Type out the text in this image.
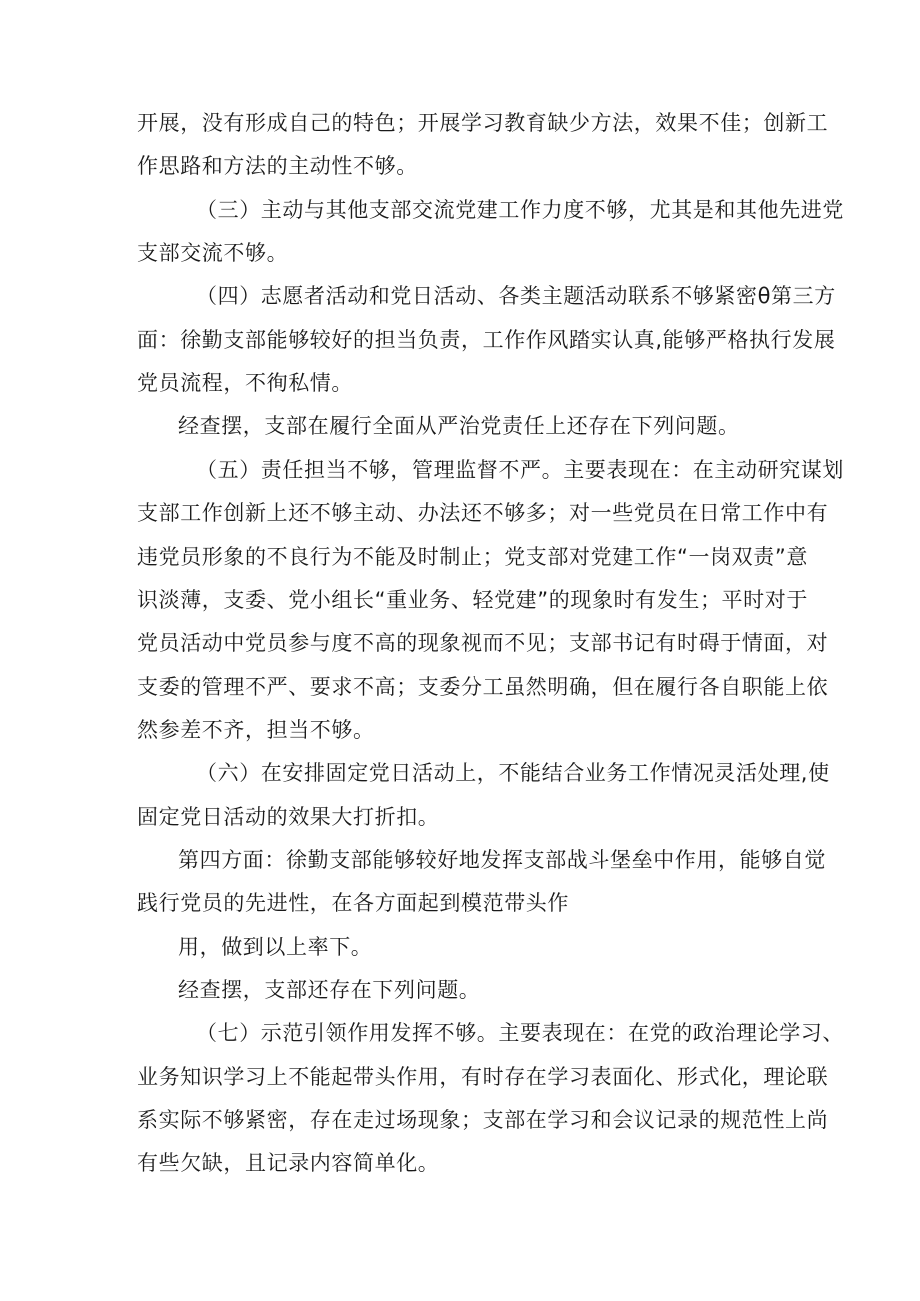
开展，没有形成自己的特色；开展学习教育缺少方法，效果不佳；创新工
作思路和方法的主动性不够。
（三）主动与其他支部交流党建工作力度不够，尤其是和其他先进党
支部交流不够。
（四）志愿者活动和党日活动、各类主题活动联系不够紧密θ第三方
面：徐勤支部能够较好的担当负责，工作作风踏实认真,能够严格执行发展
党员流程，不徇私情。
经查摆，支部在履行全面从严治党责任上还存在下列问题。
（五）责任担当不够，管理监督不严。主要表现在：在主动研究谋划
支部工作创新上还不够主动、办法还不够多；对一些党员在日常工作中有
违党员形象的不良行为不能及时制止；党支部对党建工作“一岗双责”意
识淡薄，支委、党小组长“重业务、轻党建”的现象时有发生；平时对于
党员活动中党员参与度不高的现象视而不见；支部书记有时碍于情面，对
支委的管理不严、要求不高；支委分工虽然明确，但在履行各自职能上依
然参差不齐，担当不够。
（六）在安排固定党日活动上，不能结合业务工作情况灵活处理,使
固定党日活动的效果大打折扣。
第四方面：徐勤支部能够较好地发挥支部战斗堡垒中作用，能够自觉
践行党员的先进性，在各方面起到模范带头作
用，做到以上率下。
经查摆，支部还存在下列问题。
（七）示范引领作用发挥不够。主要表现在：在党的政治理论学习、
业务知识学习上不能起带头作用，有时存在学习表面化、形式化，理论联
系实际不够紧密，存在走过场现象；支部在学习和会议记录的规范性上尚
有些欠缺，且记录内容简单化。
